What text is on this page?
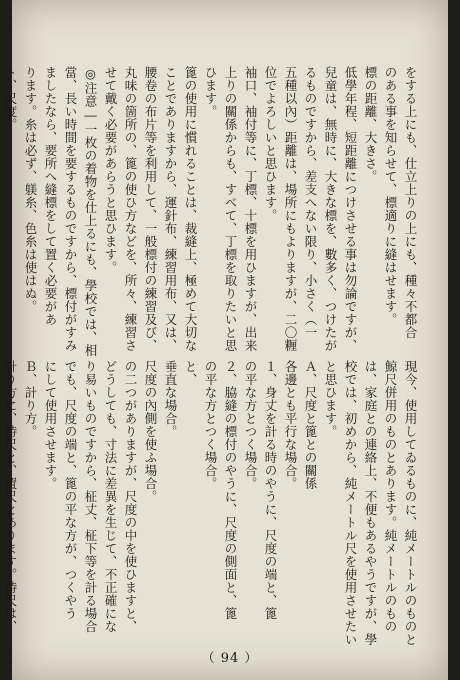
をする上にも、仕立上りの上にも、種々不都合
のある事を知らせて、標適りに縫はせます。
標の距離、大きさ。
低學年程、短距離につけさせる事は勿論ですが、
兒童は、無時に、大きな標を、數多く、つけたが
るものですから、差支へない限り、小さく（一
五種以內）距離は、場所にもよりますが、二〇糎
位でよろしいと思ひます。
袖口、袖付等に、丁標、十標を用ひますが、出来
上りの關係からも、すべて、丁標を取りたいと思
ひます。
篦の使用に慣れることは、裁縫上、極めて大切な
ことでありますから、運針布、練習用布、又は、
腰卷の布片等を利用して、一般標付の練習及び、
丸味の箇所の、篦の使ひ方などを、所々、練習さ
せて戴く必要があらうと思ひます。
◎注意―一枚の着物を仕上るにも、學校では、相
當、長い時間を要するものですから、標付がすみ
ましたなら、要所へ縫標をして置く必要があ
ります。糸は必ず、躾糸、色糸は使はぬ。
ト、尺度。
現今、使用してゐるものに、純メートルのものと
鯨尺併用のものとあります。純メートルのもの
は、家庭との連絡上、不便もあるやうですが、學
校では、初めから、純メートル尺を使用させたい
と思ひます。
Ａ、尺度と篦との關係
各邊とも平行な場合。
１、身丈を計る時のやうに、尺度の端と、篦
の平な方とつく場合。
２、脇縫の標付のやうに、尺度の側面と、篦
の平な方とつく場合。
と、
垂直な場合。
尺度の內側を使ふ場合。
の二つがありますが、尺度の中を使ひますと、
どうしても、寸法に差異を生じて、不正確にな
り易いものですから、柾丈、柾下等を計る場合
でも、尺度の端と、篦の平な方が、つくやう
にして使用させます。
Ｂ、計り方。
計り方に、持尺と、置尺とあります。持尺は、
（ 94 ）
